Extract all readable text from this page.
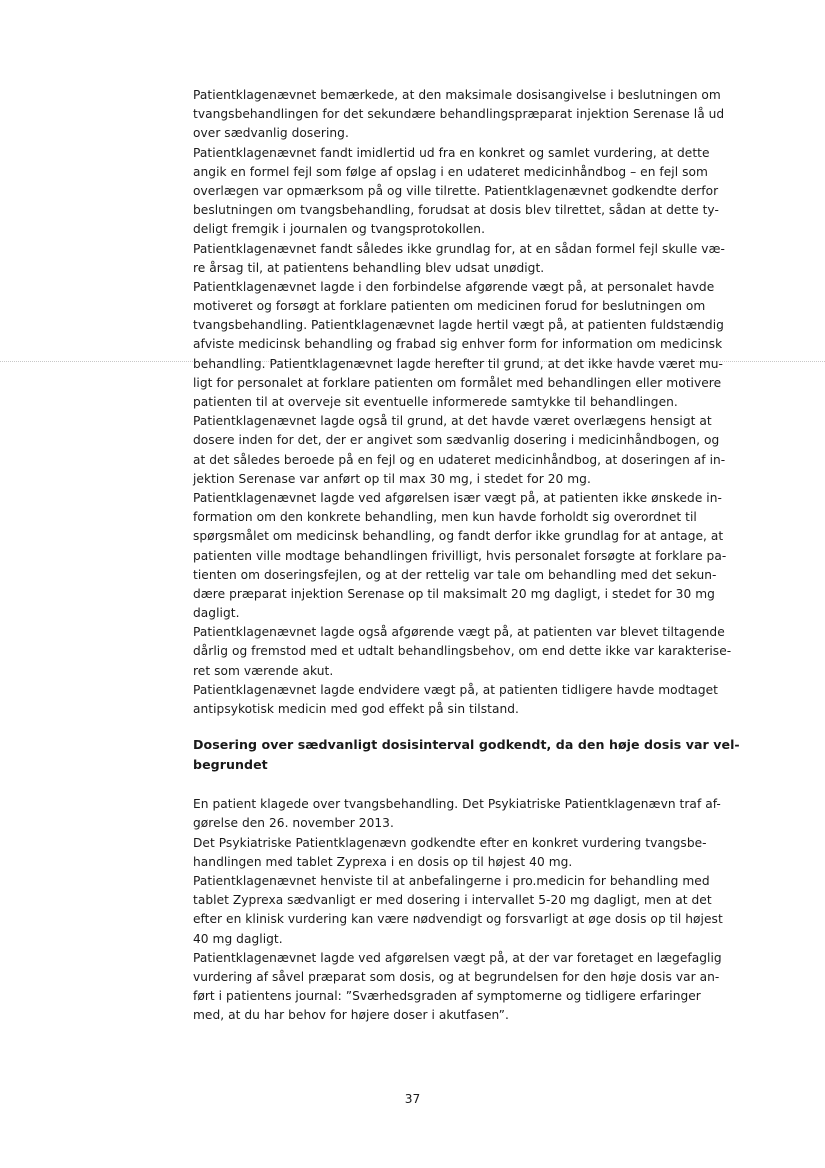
Patientklagenævnet bemærkede, at den maksimale dosisangivelse i beslutningen om
tvangsbehandlingen for det sekundære behandlingspræparat injektion Serenase lå ud
over sædvanlig dosering.
Patientklagenævnet fandt imidlertid ud fra en konkret og samlet vurdering, at dette
angik en formel fejl som følge af opslag i en udateret medicinhåndbog – en fejl som
overlægen var opmærksom på og ville tilrette. Patientklagenævnet godkendte derfor
beslutningen om tvangsbehandling, forudsat at dosis blev tilrettet, sådan at dette ty-
deligt fremgik i journalen og tvangsprotokollen.
Patientklagenævnet fandt således ikke grundlag for, at en sådan formel fejl skulle væ-
re årsag til, at patientens behandling blev udsat unødigt.
Patientklagenævnet lagde i den forbindelse afgørende vægt på, at personalet havde
motiveret og forsøgt at forklare patienten om medicinen forud for beslutningen om
tvangsbehandling. Patientklagenævnet lagde hertil vægt på, at patienten fuldstændig
afviste medicinsk behandling og frabad sig enhver form for information om medicinsk
behandling. Patientklagenævnet lagde herefter til grund, at det ikke havde været mu-
ligt for personalet at forklare patienten om formålet med behandlingen eller motivere
patienten til at overveje sit eventuelle informerede samtykke til behandlingen.
Patientklagenævnet lagde også til grund, at det havde været overlægens hensigt at
dosere inden for det, der er angivet som sædvanlig dosering i medicinhåndbogen, og
at det således beroede på en fejl og en udateret medicinhåndbog, at doseringen af in-
jektion Serenase var anført op til max 30 mg, i stedet for 20 mg.
Patientklagenævnet lagde ved afgørelsen især vægt på, at patienten ikke ønskede in-
formation om den konkrete behandling, men kun havde forholdt sig overordnet til
spørgsmålet om medicinsk behandling, og fandt derfor ikke grundlag for at antage, at
patienten ville modtage behandlingen frivilligt, hvis personalet forsøgte at forklare pa-
tienten om doseringsfejlen, og at der rettelig var tale om behandling med det sekun-
dære præparat injektion Serenase op til maksimalt 20 mg dagligt, i stedet for 30 mg
dagligt.
Patientklagenævnet lagde også afgørende vægt på, at patienten var blevet tiltagende
dårlig og fremstod med et udtalt behandlingsbehov, om end dette ikke var karakterise-
ret som værende akut.
Patientklagenævnet lagde endvidere vægt på, at patienten tidligere havde modtaget
antipsykotisk medicin med god effekt på sin tilstand.
Dosering over sædvanligt dosisinterval godkendt, da den høje dosis var vel-
begrundet
En patient klagede over tvangsbehandling. Det Psykiatriske Patientklagenævn traf af-
gørelse den 26. november 2013.
Det Psykiatriske Patientklagenævn godkendte efter en konkret vurdering tvangsbe-
handlingen med tablet Zyprexa i en dosis op til højest 40 mg.
Patientklagenævnet henviste til at anbefalingerne i pro.medicin for behandling med
tablet Zyprexa sædvanligt er med dosering i intervallet 5-20 mg dagligt, men at det
efter en klinisk vurdering kan være nødvendigt og forsvarligt at øge dosis op til højest
40 mg dagligt.
Patientklagenævnet lagde ved afgørelsen vægt på, at der var foretaget en lægefaglig
vurdering af såvel præparat som dosis, og at begrundelsen for den høje dosis var an-
ført i patientens journal: ”Sværhedsgraden af symptomerne og tidligere erfaringer
med, at du har behov for højere doser i akutfasen”.
37
